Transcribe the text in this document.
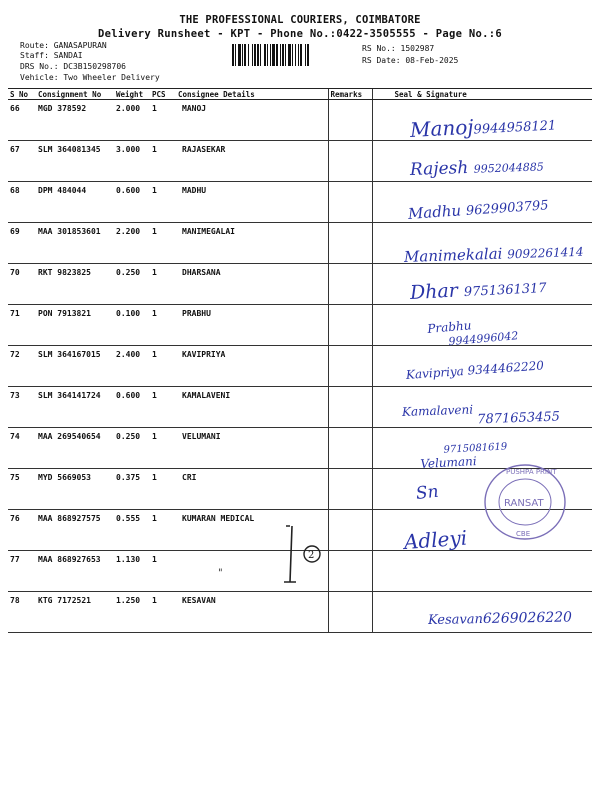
THE PROFESSIONAL COURIERS, COIMBATORE
Delivery Runsheet - KPT - Phone No.:0422-3505555 - Page No.:6
Route: GANASAPURAN
Staff: SANDAI
DRS No.: DC3B150298706
Vehicle: Two Wheeler Delivery
RS No.: 1502987
RS Date: 08-Feb-2025
S No	Consignment No	Weight	PCS	Consignee Details	Remarks	Seal & Signature
66	MGD 378592	2.000	1	MANOJ		
67	SLM 364081345	3.000	1	RAJASEKAR		
68	DPM 484044	0.600	1	MADHU		
69	MAA 301853601	2.200	1	MANIMEGALAI		
70	RKT 9823825	0.250	1	DHARSANA		
71	PON 7913821	0.100	1	PRABHU		
72	SLM 364167015	2.400	1	KAVIPRIYA		
73	SLM 364141724	0.600	1	KAMALAVENI		
74	MAA 269540654	0.250	1	VELUMANI		
75	MYD 5669053	0.375	1	CRI		
76	MAA 868927575	0.555	1	KUMARAN MEDICAL		
77	MAA 868927653	1.130	1			
78	KTG 7172521	1.250	1	KESAVAN		
Manoj9944958121
Rajesh 9952044885
Madhu 9629903795
Manimekalai 9092261414
Dhar 9751361317
Prabhu
9944996042
Kavipriya 9344462220
Kamalaveni 7871653455
9715081619
Velumani
Sn
Adleyi
Kesavan6269026220
2
"
RANSAT
PUSHPA PRINT
CBE
